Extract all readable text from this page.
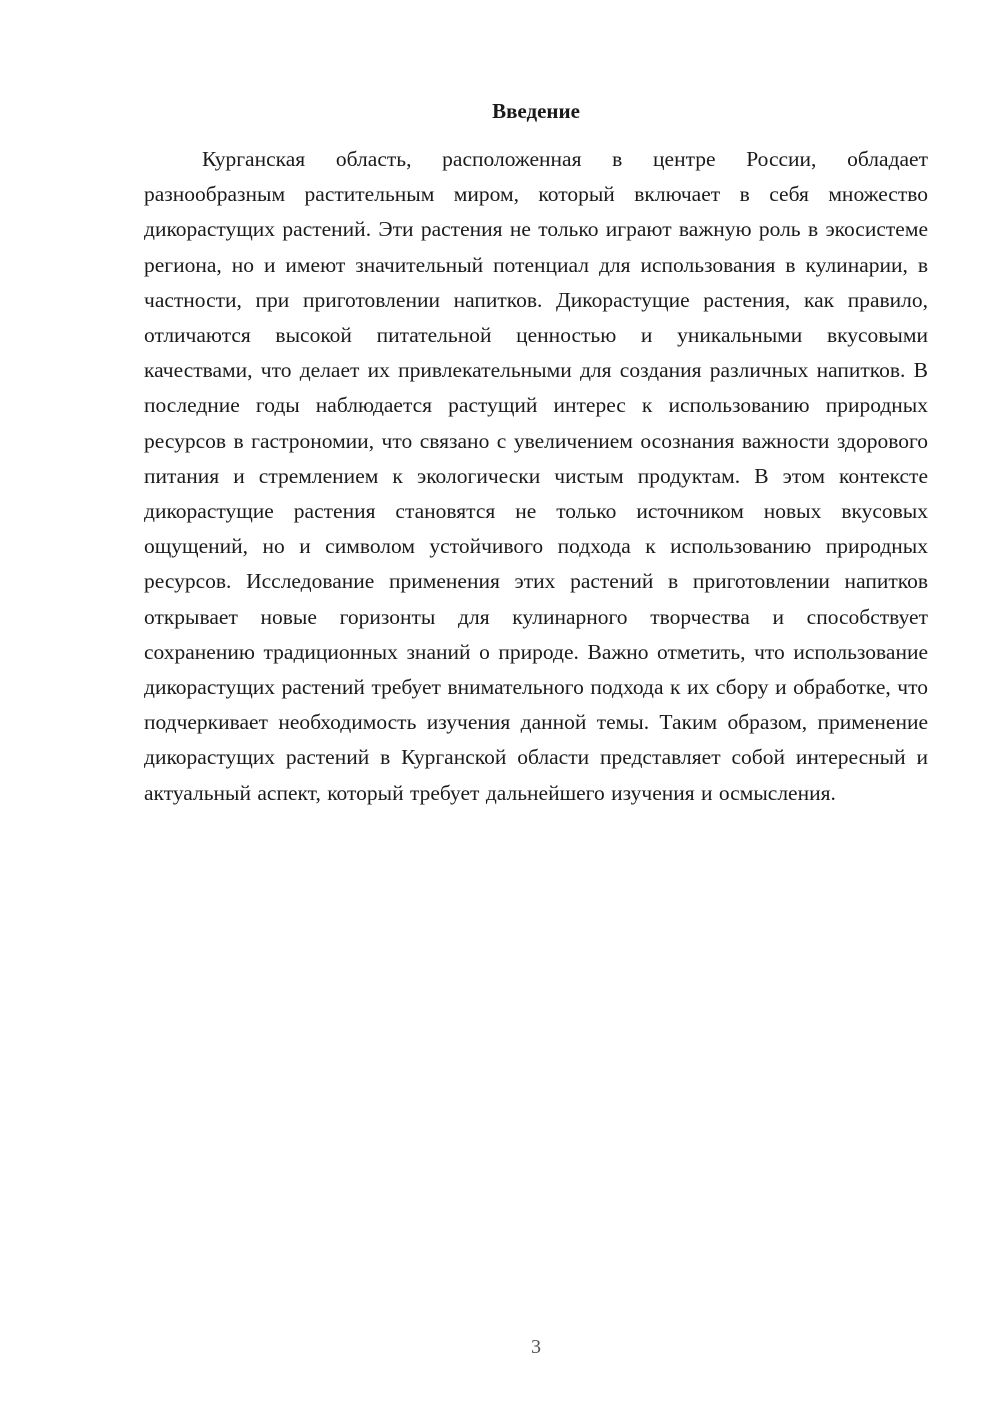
Введение

Курганская область, расположенная в центре России, обладает разнообразным растительным миром, который включает в себя множество дикорастущих растений. Эти растения не только играют важную роль в экосистеме региона, но и имеют значительный потенциал для использования в кулинарии, в частности, при приготовлении напитков. Дикорастущие растения, как правило, отличаются высокой питательной ценностью и уникальными вкусовыми качествами, что делает их привлекательными для создания различных напитков. В последние годы наблюдается растущий интерес к использованию природных ресурсов в гастрономии, что связано с увеличением осознания важности здорового питания и стремлением к экологически чистым продуктам. В этом контексте дикорастущие растения становятся не только источником новых вкусовых ощущений, но и символом устойчивого подхода к использованию природных ресурсов. Исследование применения этих растений в приготовлении напитков открывает новые горизонты для кулинарного творчества и способствует сохранению традиционных знаний о природе. Важно отметить, что использование дикорастущих растений требует внимательного подхода к их сбору и обработке, что подчеркивает необходимость изучения данной темы. Таким образом, применение дикорастущих растений в Курганской области представляет собой интересный и актуальный аспект, который требует дальнейшего изучения и осмысления.

3
